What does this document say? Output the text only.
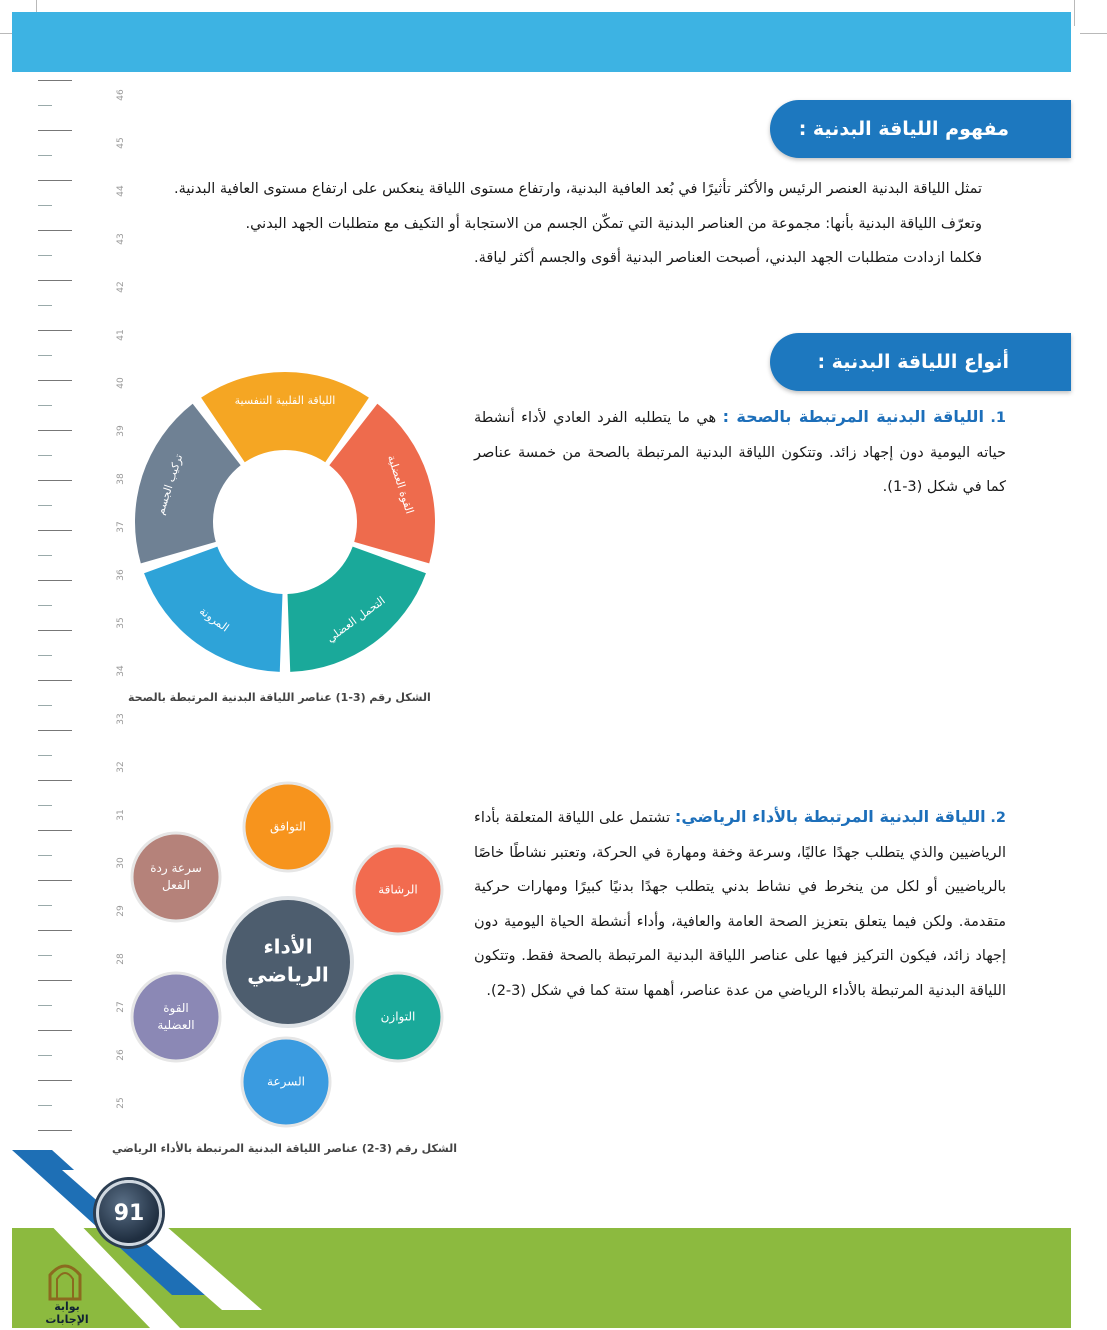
46
45
44
43
42
41
40
39
38
37
36
35
34
33
32
31
30
29
28
27
26
25
مفهوم اللياقة البدنية :
تمثل اللياقة البدنية العنصر الرئيس والأكثر تأثيرًا في بُعد العافية البدنية، وارتفاع مستوى اللياقة ينعكس على ارتفاع مستوى العافية البدنية.
وتعرّف اللياقة البدنية بأنها: مجموعة من العناصر البدنية التي تمكّن الجسم من الاستجابة أو التكيف مع متطلبات الجهد البدني.
فكلما ازدادت متطلبات الجهد البدني، أصبحت العناصر البدنية أقوى والجسم أكثر لياقة.
أنواع اللياقة البدنية :
1. اللياقة البدنية المرتبطة بالصحة : هي ما يتطلبه الفرد العادي لأداء أنشطة حياته اليومية دون إجهاد زائد. وتتكون اللياقة البدنية المرتبطة بالصحة من خمسة عناصر كما في شكل (3-1).
اللياقة القلبية التنفسية
القوة العضلية
التحمل العضلي
المرونة
تركيب الجسم
الشكل رقم (3-1) عناصر اللياقة البدنية المرتبطة بالصحة
2. اللياقة البدنية المرتبطة بالأداء الرياضي: تشتمل على اللياقة المتعلقة بأداء الرياضيين والذي يتطلب جهدًا عاليًا، وسرعة وخفة ومهارة في الحركة، وتعتبر نشاطًا خاصًا بالرياضيين أو لكل من ينخرط في نشاط بدني يتطلب جهدًا بدنيًا كبيرًا ومهارات حركية متقدمة. ولكن فيما يتعلق بتعزيز الصحة العامة والعافية، وأداء أنشطة الحياة اليومية دون إجهاد زائد، فيكون التركيز فيها على عناصر اللياقة البدنية المرتبطة بالصحة فقط. وتتكون اللياقة البدنية المرتبطة بالأداء الرياضي من عدة عناصر، أهمها ستة كما في شكل (3-2).
التوافق
الرشاقة
التوازن
السرعة
القوة
العضلية
سرعة ردة
الفعل
الأداء
الرياضي
الشكل رقم (3-2) عناصر اللياقة البدنية المرتبطة بالأداء الرياضي
91
بوابة الإجابات
